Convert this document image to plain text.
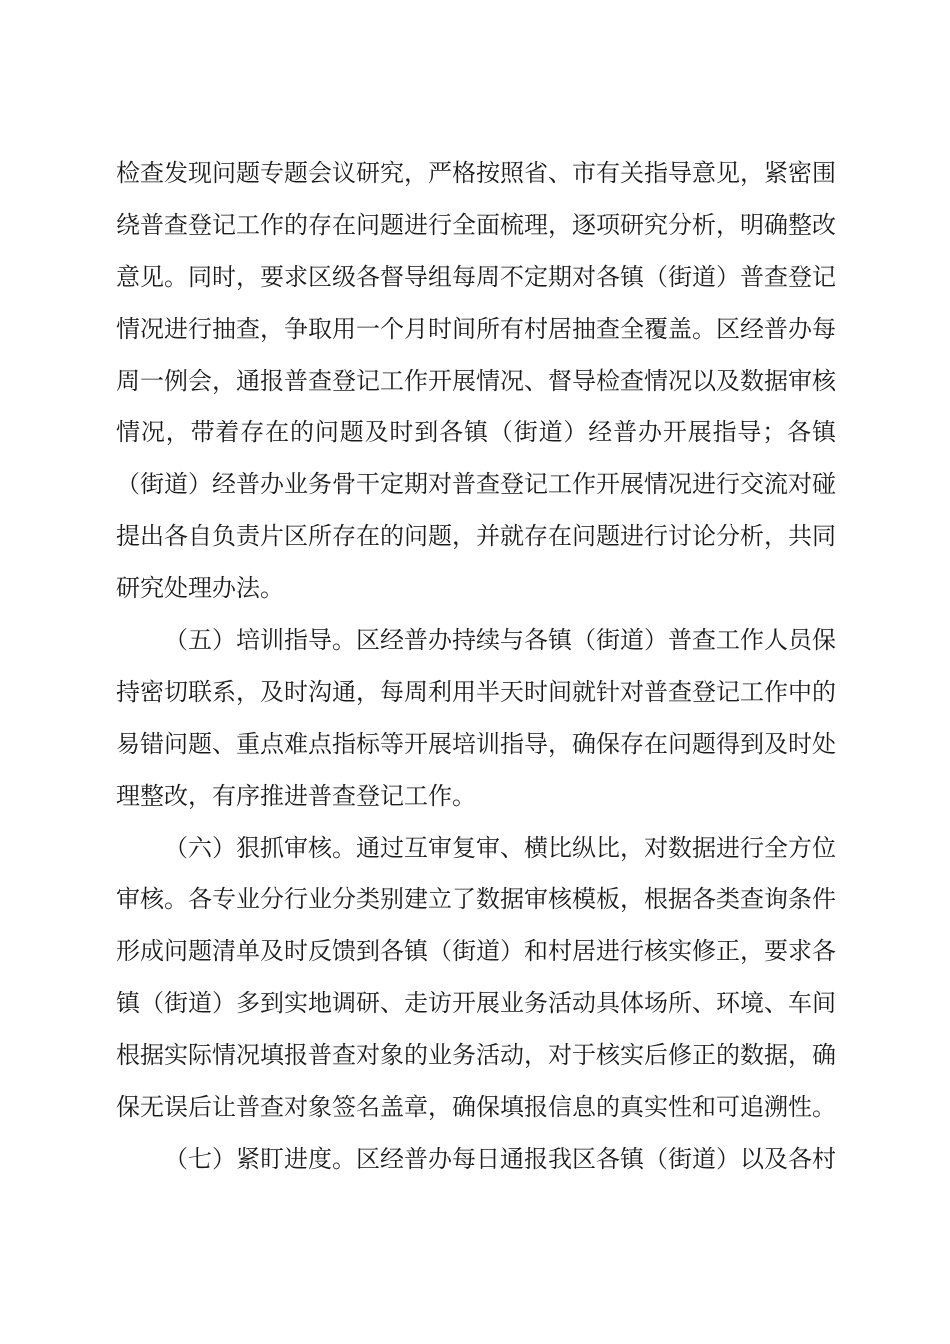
检查发现问题专题会议研究，严格按照省、市有关指导意见，紧密围
绕普查登记工作的存在问题进行全面梳理，逐项研究分析，明确整改
意见。同时，要求区级各督导组每周不定期对各镇（街道）普查登记
情况进行抽查，争取用一个月时间所有村居抽查全覆盖。区经普办每
周一例会，通报普查登记工作开展情况、督导检查情况以及数据审核
情况，带着存在的问题及时到各镇（街道）经普办开展指导；各镇
（街道）经普办业务骨干定期对普查登记工作开展情况进行交流对碰
提出各自负责片区所存在的问题，并就存在问题进行讨论分析，共同
研究处理办法。
（五）培训指导。区经普办持续与各镇（街道）普查工作人员保
持密切联系，及时沟通，每周利用半天时间就针对普查登记工作中的
易错问题、重点难点指标等开展培训指导，确保存在问题得到及时处
理整改，有序推进普查登记工作。
（六）狠抓审核。通过互审复审、横比纵比，对数据进行全方位
审核。各专业分行业分类别建立了数据审核模板，根据各类查询条件
形成问题清单及时反馈到各镇（街道）和村居进行核实修正，要求各
镇（街道）多到实地调研、走访开展业务活动具体场所、环境、车间
根据实际情况填报普查对象的业务活动，对于核实后修正的数据，确
保无误后让普查对象签名盖章，确保填报信息的真实性和可追溯性。
（七）紧盯进度。区经普办每日通报我区各镇（街道）以及各村
